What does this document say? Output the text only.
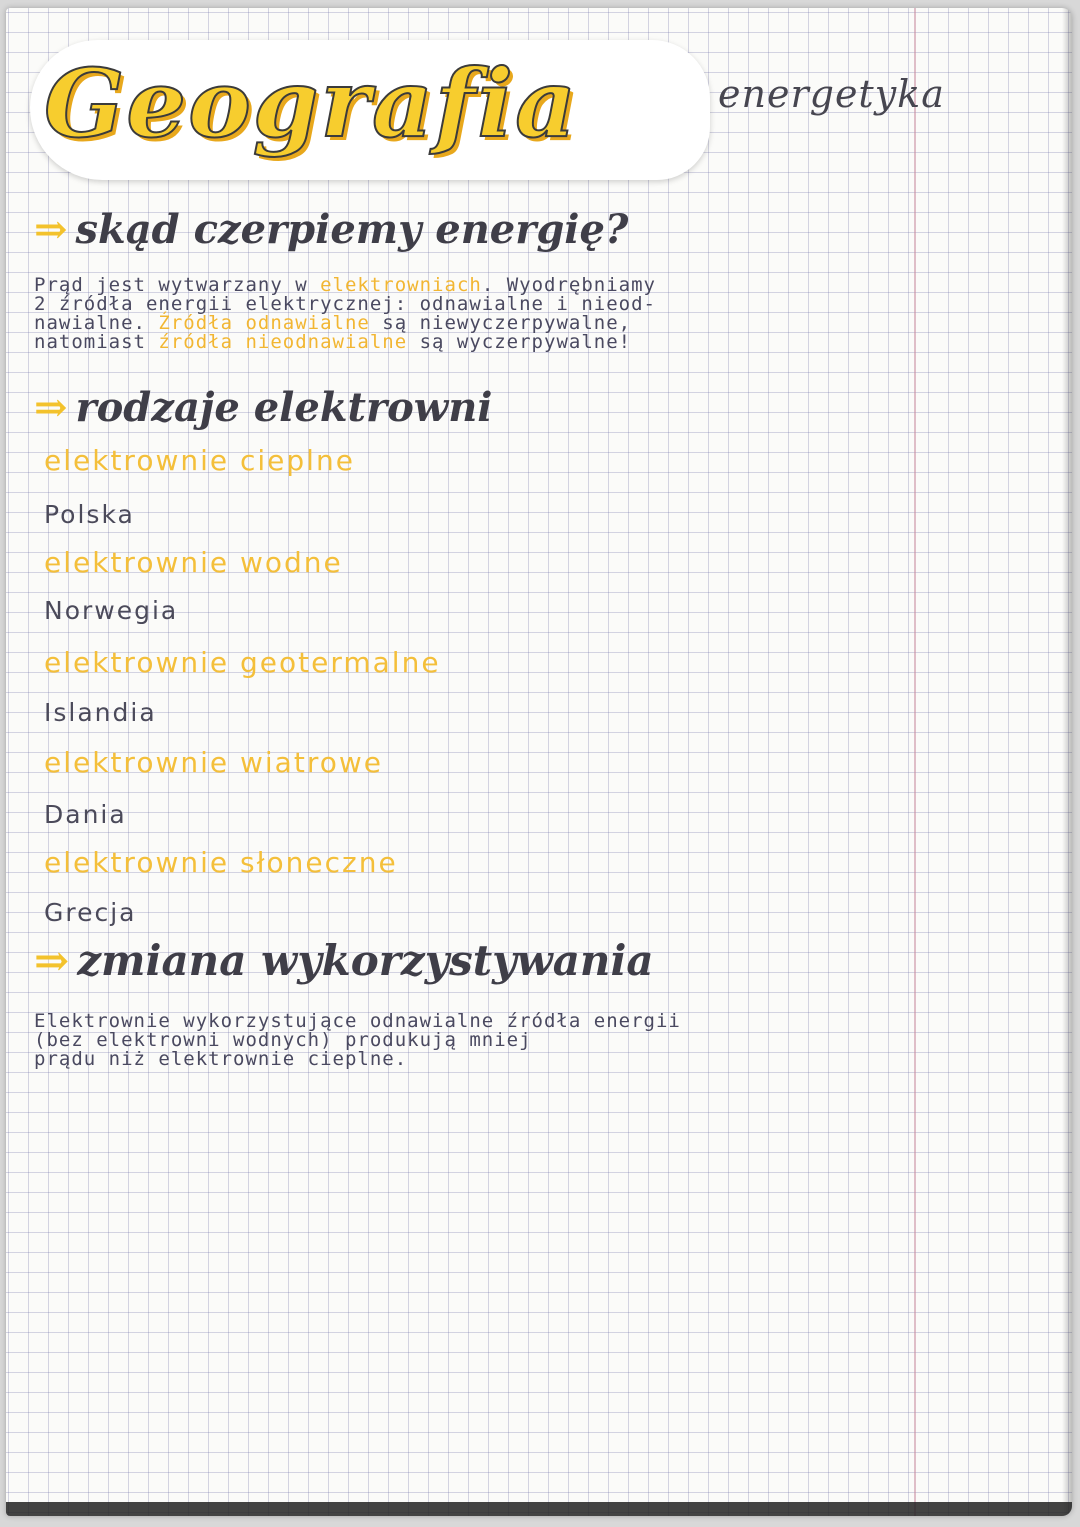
Geografia	energetyka
⇒ skąd czerpiemy energię?
Prąd jest wytwarzany w elektrowniach. Wyodrębniamy
2 źródła energii elektrycznej: odnawialne i nieod-
nawialne. Źródła odnawialne są niewyczerpywalne,
natomiast źródła nieodnawialne są wyczerpywalne!
⇒ rodzaje elektrowni
elektrownie cieplne
Polska
elektrownie wodne
Norwegia
elektrownie geotermalne
Islandia
elektrownie wiatrowe
Dania
elektrownie słoneczne
Grecja
⇒ zmiana wykorzystywania
Elektrownie wykorzystujące odnawialne źródła energii
(bez elektrowni wodnych) produkują mniej
prądu niż elektrownie cieplne.
